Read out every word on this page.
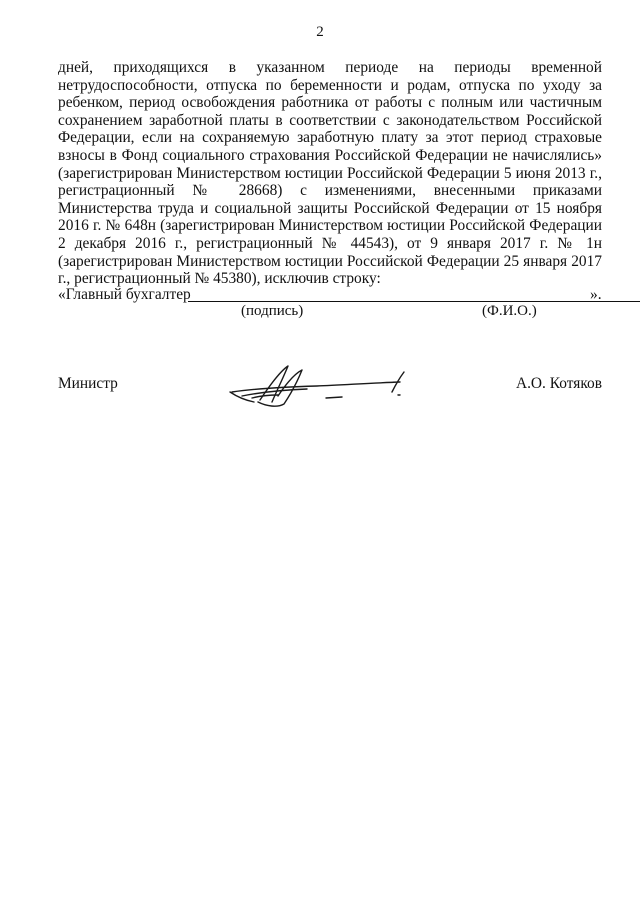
2

дней, приходящихся в указанном периоде на периоды временной нетрудоспособности, отпуска по беременности и родам, отпуска по уходу за ребенком, период освобождения работника от работы с полным или частичным сохранением заработной платы в соответствии с законодательством Российской Федерации, если на сохраняемую заработную плату за этот период страховые взносы в Фонд социального страхования Российской Федерации не начислялись» (зарегистрирован Министерством юстиции Российской Федерации 5 июня 2013 г., регистрационный № 28668) с изменениями, внесенными приказами Министерства труда и социальной защиты Российской Федерации от 15 ноября 2016 г. № 648н (зарегистрирован Министерством юстиции Российской Федерации 2 декабря 2016 г., регистрационный № 44543), от 9 января 2017 г. № 1н (зарегистрирован Министерством юстиции Российской Федерации 25 января 2017 г., регистрационный № 45380), исключив строку:

«Главный бухгалтер	».
(подпись)	(Ф.И.О.)
Министр	А.О. Котяков
